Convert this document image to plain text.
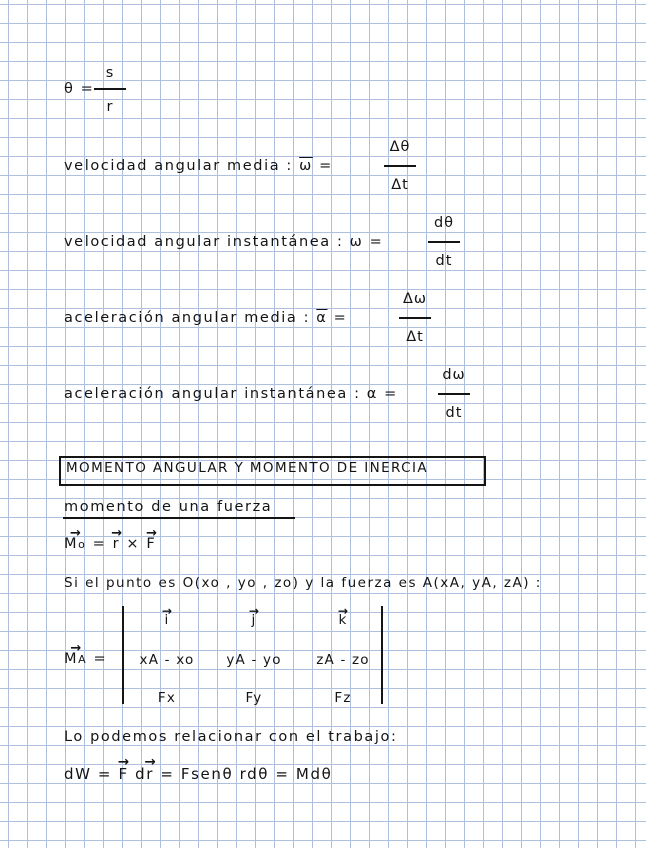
θ =
s
r
velocidad angular media : $\overline{\omega}$ =
Δθ
Δt
velocidad angular instantánea : ω =
dθ
dt
aceleración angular media : $\overline{\alpha}$ =
Δω
Δt
aceleración angular instantánea : α =
dω
dt
MOMENTO ANGULAR Y MOMENTO DE INERCIA
momento de una fuerza
→ Mo = → r × → F
Si el punto es O(xo , yo , zo) y la fuerza es A(xA, yA, zA) :
→ MA =
→ i	→ j	→ k
xA - xo	yA - yo	zA - zo
Fx	Fy	Fz
Lo podemos relacionar con el trabajo:
dW = → F d→ r = Fsenθ rdθ = Mdθ
